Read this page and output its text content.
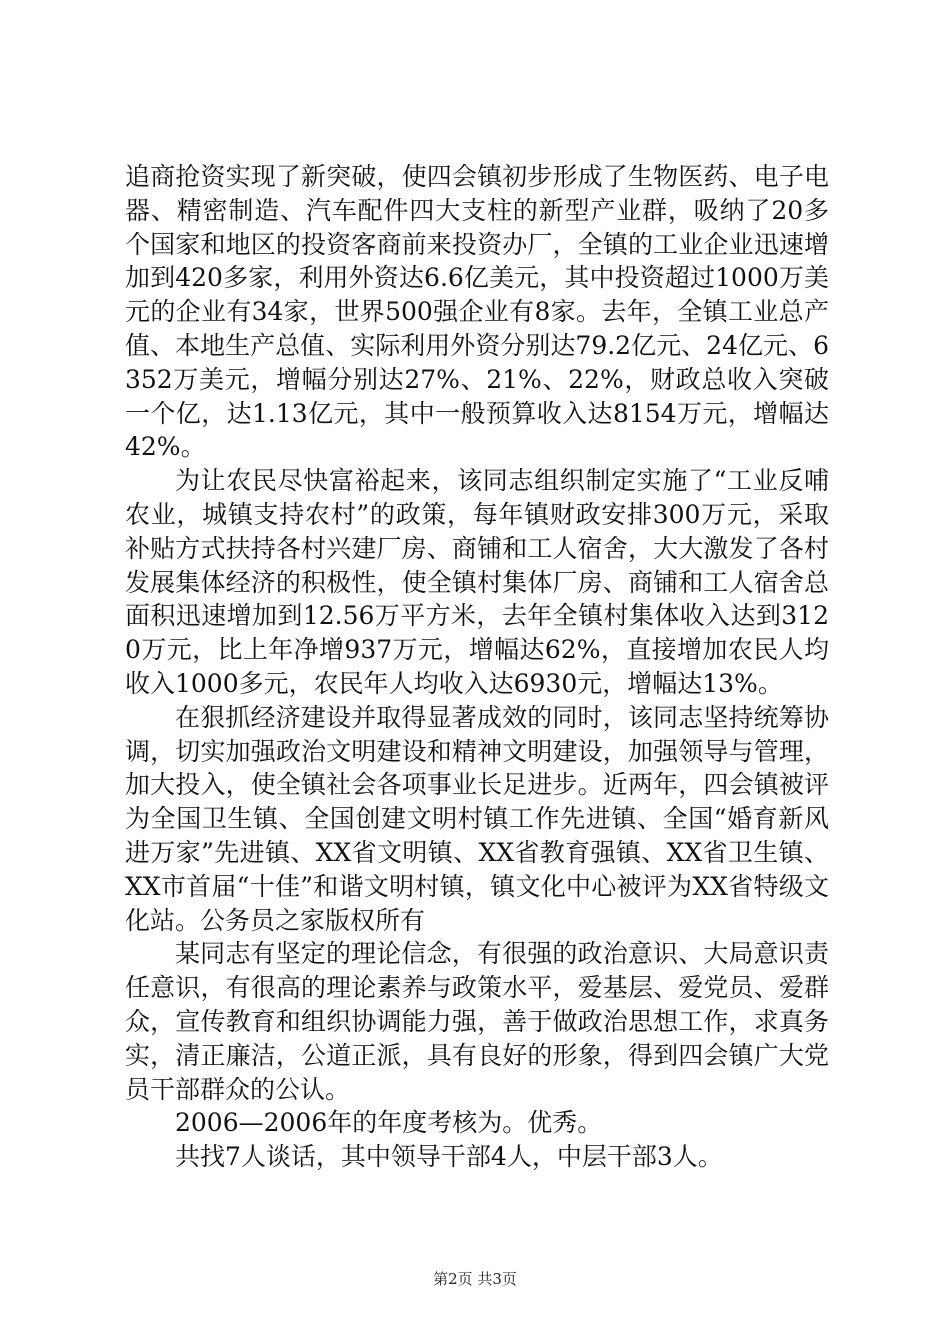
追商抢资实现了新突破，使四会镇初步形成了生物医药、电子电器、精密制造、汽车配件四大支柱的新型产业群，吸纳了20多个国家和地区的投资客商前来投资办厂，全镇的工业企业迅速增加到420多家，利用外资达6.6亿美元，其中投资超过1000万美元的企业有34家，世界500强企业有8家。去年，全镇工业总产值、本地生产总值、实际利用外资分别达79.2亿元、24亿元、6352万美元，增幅分别达27%、21%、22%，财政总收入突破一个亿，达1.13亿元，其中一般预算收入达8154万元，增幅达42%。

为让农民尽快富裕起来，该同志组织制定实施了“工业反哺农业，城镇支持农村”的政策，每年镇财政安排300万元，采取补贴方式扶持各村兴建厂房、商铺和工人宿舍，大大激发了各村发展集体经济的积极性，使全镇村集体厂房、商铺和工人宿舍总面积迅速增加到12.56万平方米，去年全镇村集体收入达到3120万元，比上年净增937万元，增幅达62%，直接增加农民人均收入1000多元，农民年人均收入达6930元，增幅达13%。

在狠抓经济建设并取得显著成效的同时，该同志坚持统筹协调，切实加强政治文明建设和精神文明建设，加强领导与管理，加大投入，使全镇社会各项事业长足进步。近两年，四会镇被评为全国卫生镇、全国创建文明村镇工作先进镇、全国“婚育新风进万家”先进镇、XX省文明镇、XX省教育强镇、XX省卫生镇、XX市首届“十佳”和谐文明村镇，镇文化中心被评为XX省特级文化站。公务员之家版权所有

某同志有坚定的理论信念，有很强的政治意识、大局意识责任意识，有很高的理论素养与政策水平，爱基层、爱党员、爱群众，宣传教育和组织协调能力强，善于做政治思想工作，求真务实，清正廉洁，公道正派，具有良好的形象，得到四会镇广大党员干部群众的公认。

2006—2006年的年度考核为。优秀。

共找7人谈话，其中领导干部4人，中层干部3人。

第2页 共3页
